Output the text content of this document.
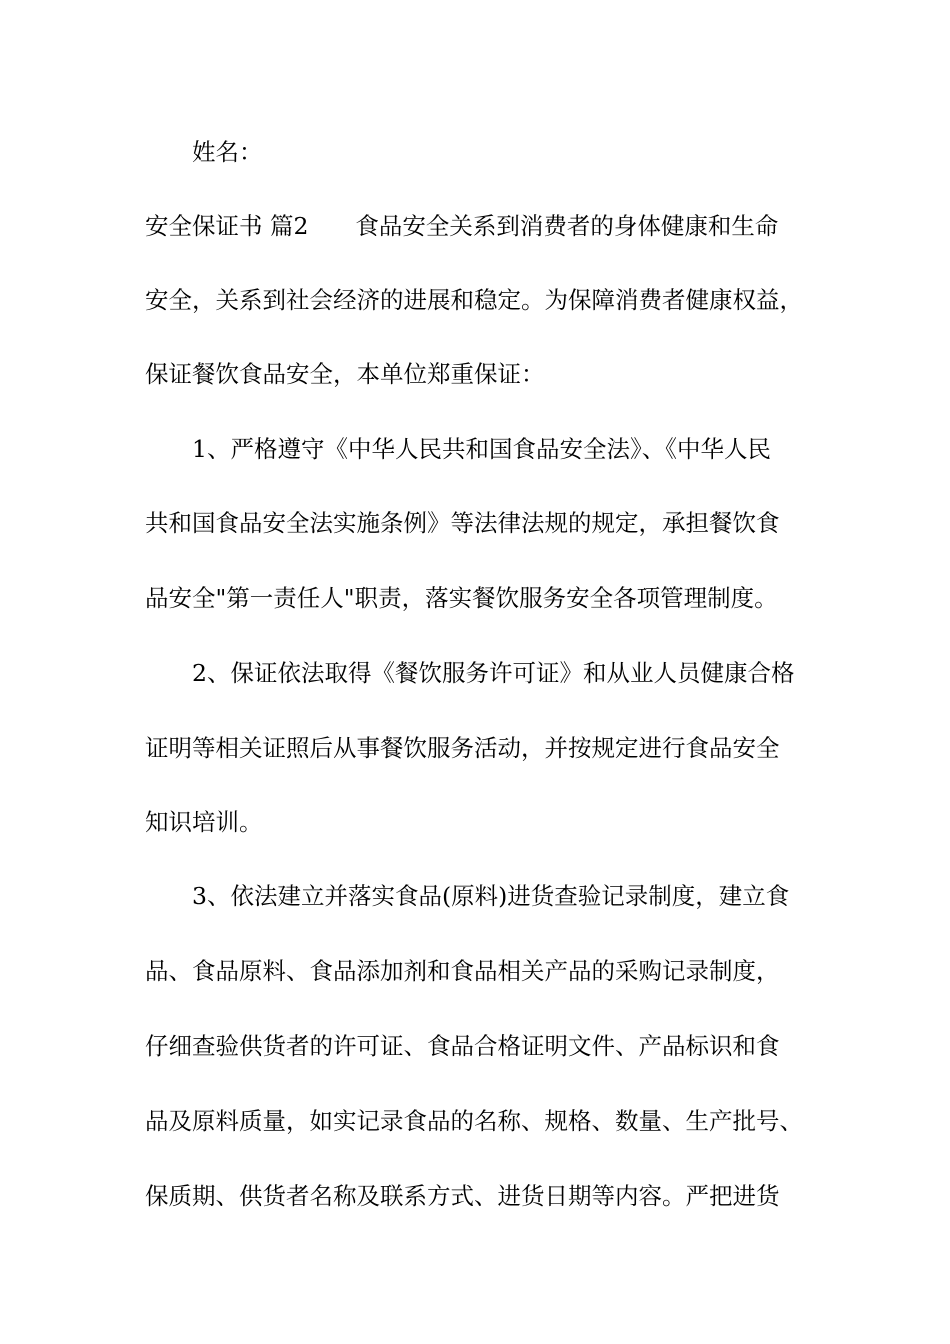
姓名：
安全保证书 篇2　　食品安全关系到消费者的身体健康和生命
安全，关系到社会经济的进展和稳定。为保障消费者健康权益，
保证餐饮食品安全，本单位郑重保证：
1、严格遵守《中华人民共和国食品安全法》、《中华人民
共和国食品安全法实施条例》等法律法规的规定，承担餐饮食
品安全"第一责任人"职责，落实餐饮服务安全各项管理制度。
2、保证依法取得《餐饮服务许可证》和从业人员健康合格
证明等相关证照后从事餐饮服务活动，并按规定进行食品安全
知识培训。
3、依法建立并落实食品(原料)进货查验记录制度，建立食
品、食品原料、食品添加剂和食品相关产品的采购记录制度，
仔细查验供货者的许可证、食品合格证明文件、产品标识和食
品及原料质量，如实记录食品的名称、规格、数量、生产批号、
保质期、供货者名称及联系方式、进货日期等内容。严把进货
